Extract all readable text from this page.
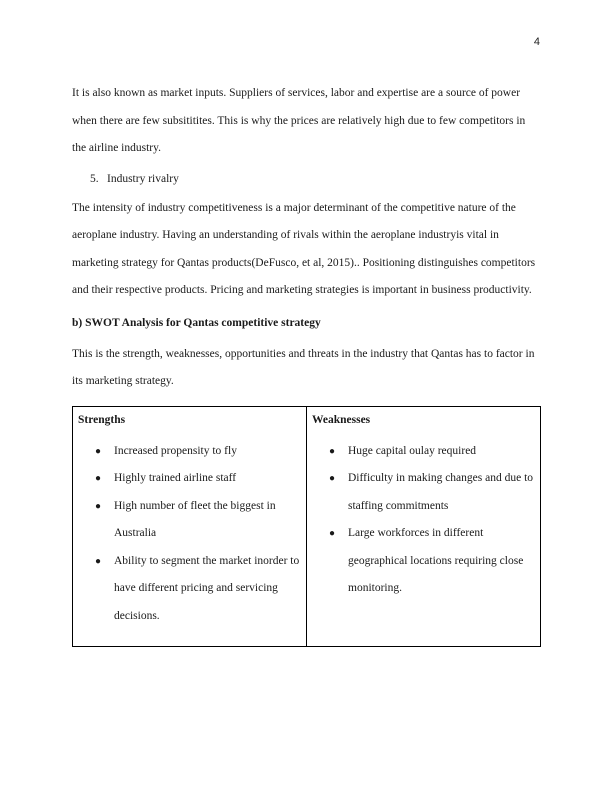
4

It is also known as market inputs. Suppliers of services, labor and expertise are a source of power when there are few subsititites. This is why the prices are relatively high due to few competitors in the airline industry.

5. Industry rivalry

The intensity of industry competitiveness is a major determinant of the competitive nature of the aeroplane industry. Having an understanding of rivals within the aeroplane industryis vital in marketing strategy for Qantas products(DeFusco, et al, 2015).. Positioning distinguishes competitors and their respective products. Pricing and marketing strategies is important in business productivity.

b) SWOT Analysis for Qantas competitive strategy

This is the strength, weaknesses, opportunities and threats in the industry that Qantas has to factor in its marketing strategy.

Strengths
● Increased propensity to fly
● Highly trained airline staff
● High number of fleet the biggest in Australia
● Ability to segment the market inorder to have different pricing and servicing decisions.

Weaknesses
● Huge capital oulay required
● Difficulty in making changes and due to staffing commitments
● Large workforces in different geographical locations requiring close monitoring.
